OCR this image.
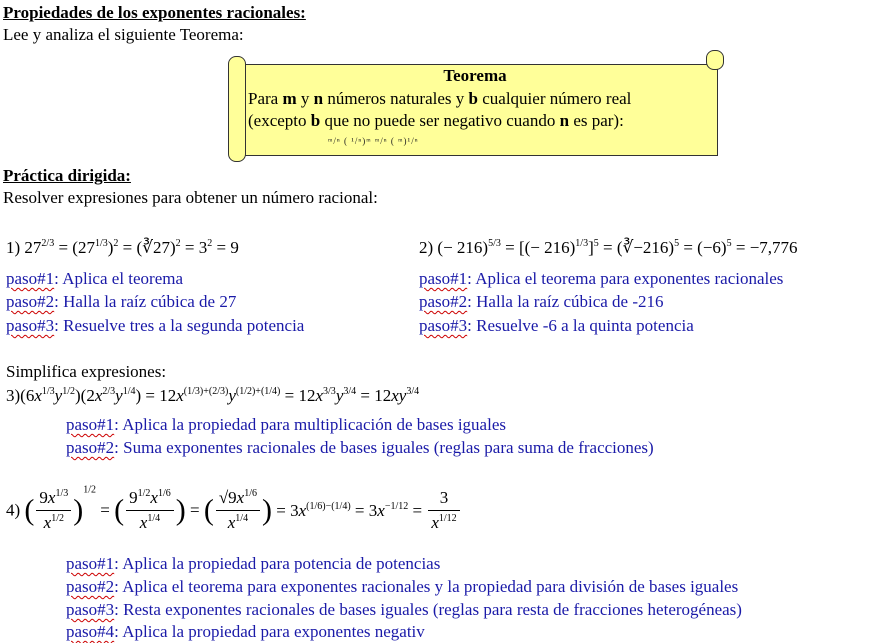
Propiedades de los exponentes racionales:
Lee y analiza el siguiente Teorema:
Teorema
Para m y n números naturales y b cualquier número real
(excepto b que no puede ser negativo cuando n es par):
ᵐ/ⁿ ( ¹/ⁿ)ᵐ ᵐ/ⁿ ( ᵐ)¹/ⁿ
Práctica dirigida:
Resolver expresiones para obtener un número racional:
1) $27^{2/3} = (27^{1/3})^2$ = (∛27)$^2$ = $3^2 = 9$
paso#1: Aplica el teorema
paso#2: Halla la raíz cúbica de 27
paso#3: Resuelve tres a la segunda potencia
2) (− 216)$^{5/3}$ = [(− 216)$^{1/3}$]$^5$ = (∛−216)$^5$ = $(-6)^5 = -7,776$
paso#1: Aplica el teorema para exponentes racionales
paso#2: Halla la raíz cúbica de -216
paso#3: Resuelve -6 a la quinta potencia
Simplifica expresiones:
$3)(6x^{1/3}y^{1/2})(2x^{2/3}y^{1/4}) = 12x^{(1/3)+(2/3)}y^{(1/2)+(1/4)} = 12x^{3/3}y^{3/4} = 12xy^{3/4}$
paso#1: Aplica la propiedad para multiplicación de bases iguales
paso#2: Suma exponentes racionales de bases iguales (reglas para suma de fracciones)
4) ( $\frac{9x^{1/3}}{x^{1/2}} )^{1/2}$ = ( $\frac{9^{1/2}x^{1/6}}{x^{1/4}}$ ) = ( $\frac{√9x^{1/6}}{x^{1/4}}$ ) = $3x^{(1/6)-(1/4)} = 3x^{-1/12} = \frac{3}{x^{1/12}}$
paso#1: Aplica la propiedad para potencia de potencias
paso#2: Aplica el teorema para exponentes racionales y la propiedad para división de bases iguales
paso#3: Resta exponentes racionales de bases iguales (reglas para resta de fracciones heterogéneas)
paso#4: Aplica la propiedad para exponentes negativ
